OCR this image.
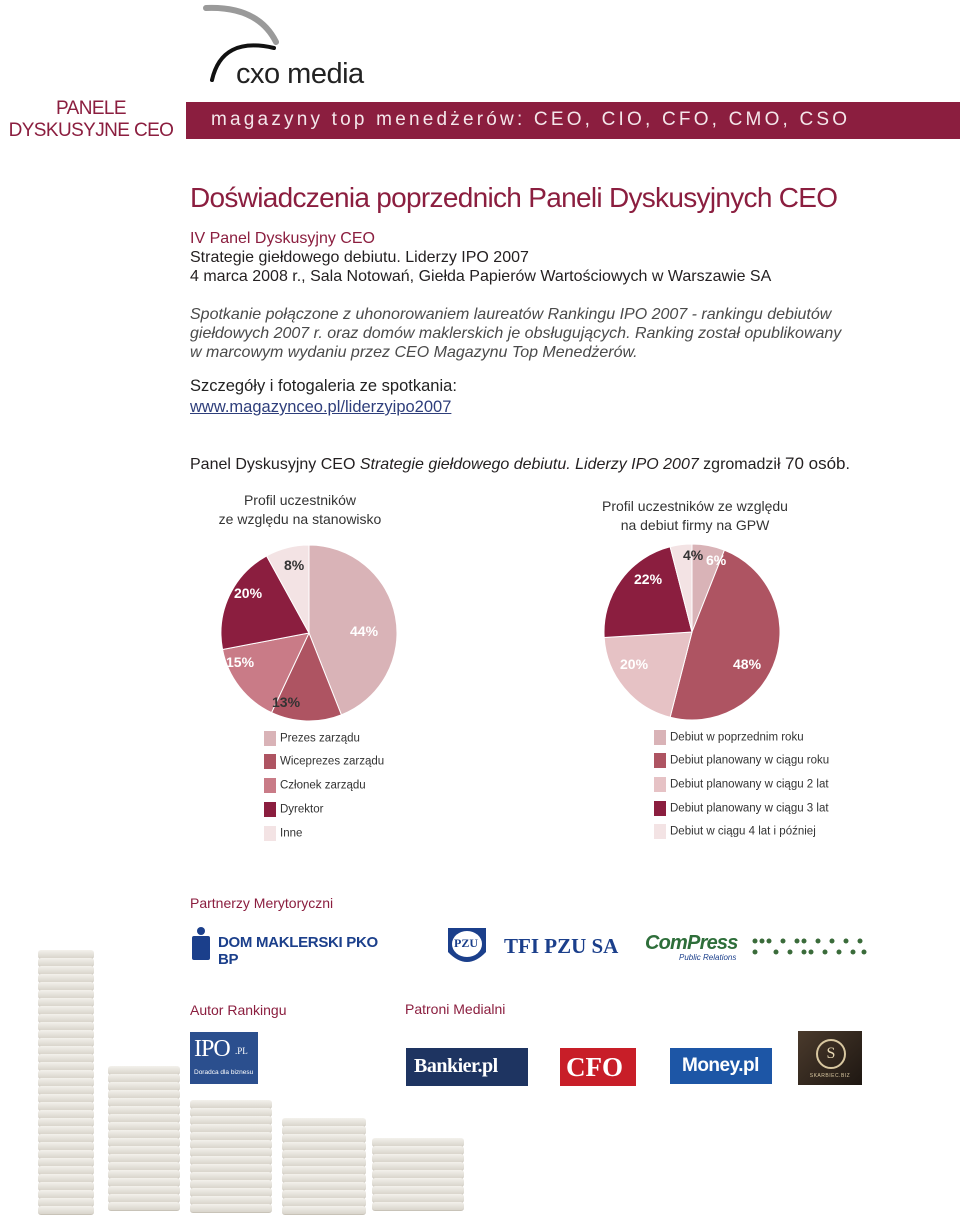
cxo media
PANELE DYSKUSYJNE CEO
magazyny top menedżerów: CEO, CIO, CFO, CMO, CSO
Doświadczenia poprzednich Paneli Dyskusyjnych CEO
IV Panel Dyskusyjny CEO
Strategie giełdowego debiutu. Liderzy IPO 2007
4 marca 2008 r., Sala Notowań, Giełda Papierów Wartościowych w Warszawie SA
Spotkanie połączone z uhonorowaniem laureatów Rankingu IPO 2007 - rankingu debiutów
giełdowych 2007 r. oraz domów maklerskich je obsługujących. Ranking został opublikowany
w marcowym wydaniu przez CEO Magazynu Top Menedżerów.
Szczegóły i fotogaleria ze spotkania:
www.magazynceo.pl/liderzyipo2007
Panel Dyskusyjny CEO Strategie giełdowego debiutu. Liderzy IPO 2007 zgromadził 70 osób.
Profil uczestników
ze względu na stanowisko
44%
13%
15%
20%
8%
Profil uczestników ze względu
na debiut firmy na GPW
6%
48%
20%
22%
4%
Prezes zarządu
Wiceprezes zarządu
Członek zarządu
Dyrektor
Inne
Debiut w poprzednim roku
Debiut planowany w ciągu roku
Debiut planowany w ciągu 2 lat
Debiut planowany w ciągu 3 lat
Debiut w ciągu 4 lat i później
Partnerzy Merytoryczni
DOM MAKLERSKI PKO BP
PZU TFI PZU SA ComPress
Public Relations
Autor Rankingu
IPO .PL
Doradca dla biznesu
Patroni Medialni
Bankier.pl	CFO	Money.pl
S
SKARBIEC.BIZ
